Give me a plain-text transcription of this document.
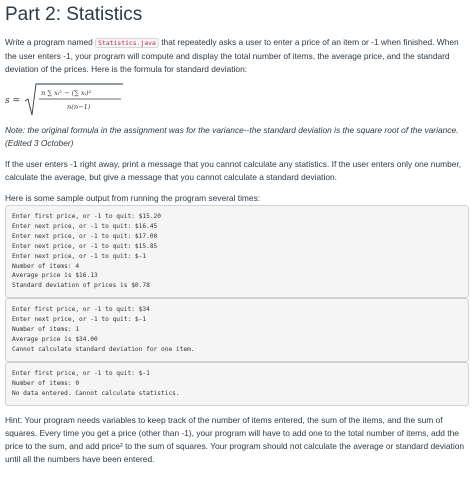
Part 2: Statistics

Write a program named Statistics.java that repeatedly asks a user to enter a price of an item or -1 when finished. When the user enters -1, your program will compute and display the total number of items, the average price, and the standard deviation of the prices. Here is the formula for standard deviation:

s =
n ∑ xᵢ² − (∑ xᵢ)²
n(n−1)

Note: the original formula in the assignment was for the variance--the standard deviation is the square root of the variance. (Edited 3 October)

If the user enters -1 right away, print a message that you cannot calculate any statistics. If the user enters only one number, calculate the average, but give a message that you cannot calculate a standard deviation.

Here is some sample output from running the program several times:

Enter first price, or -1 to quit: $15.20
Enter next price, or -1 to quit: $16.45
Enter next price, or -1 to quit: $17.00
Enter next price, or -1 to quit: $15.85
Enter next price, or -1 to quit: $-1
Number of items: 4
Average price is $16.13
Standard deviation of prices is $0.78
Enter first price, or -1 to quit: $34
Enter next price, or -1 to quit: $-1
Number of items: 1
Average price is $34.00
Cannot calculate standard deviation for one item.
Enter first price, or -1 to quit: $-1
Number of items: 0
No data entered. Cannot calculate statistics.

Hint: Your program needs variables to keep track of the number of items entered, the sum of the items, and the sum of squares. Every time you get a price (other than -1), your program will have to add one to the total number of items, add the price to the sum, and add price² to the sum of squares. Your program should not calculate the average or standard deviation until all the numbers have been entered.
